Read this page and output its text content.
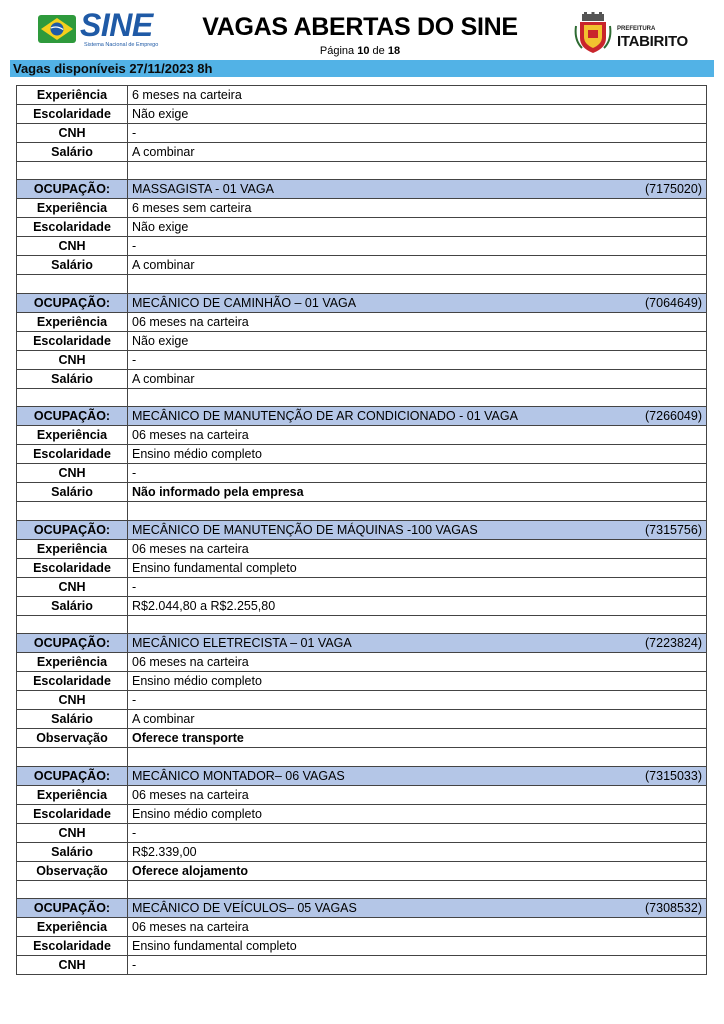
SINE
Sistema Nacional de Emprego
VAGAS ABERTAS DO SINE
Página 10 de 18
PREFEITURA
ITABIRITO
Vagas disponíveis 27/11/2023 8h
Experiência	6 meses na carteira
Escolaridade	Não exige
CNH	-
Salário	A combinar

OCUPAÇÃO:	MASSAGISTA - 01 VAGA (7175020)

Experiência	6 meses sem carteira
Escolaridade	Não exige
CNH	-
Salário	A combinar

OCUPAÇÃO:	MECÂNICO DE CAMINHÃO – 01 VAGA (7064649)

Experiência	06 meses na carteira
Escolaridade	Não exige
CNH	-
Salário	A combinar

OCUPAÇÃO:	MECÂNICO DE MANUTENÇÃO DE AR CONDICIONADO - 01 VAGA (7266049)

Experiência	06 meses na carteira
Escolaridade	Ensino médio completo
CNH	-
Salário	Não informado pela empresa

OCUPAÇÃO:	MECÂNICO DE MANUTENÇÃO DE MÁQUINAS -100 VAGAS (7315756)

Experiência	06 meses na carteira
Escolaridade	Ensino fundamental completo
CNH	-
Salário	R$2.044,80 a R$2.255,80

OCUPAÇÃO:	MECÂNICO ELETRECISTA – 01 VAGA (7223824)

Experiência	06 meses na carteira
Escolaridade	Ensino médio completo
CNH	-
Salário	A combinar
Observação	Oferece transporte

OCUPAÇÃO:	MECÂNICO MONTADOR– 06 VAGAS (7315033)

Experiência	06 meses na carteira
Escolaridade	Ensino médio completo
CNH	-
Salário	R$2.339,00
Observação	Oferece alojamento

OCUPAÇÃO:	MECÂNICO DE VEÍCULOS– 05 VAGAS (7308532)

Experiência	06 meses na carteira
Escolaridade	Ensino fundamental completo
CNH	-
